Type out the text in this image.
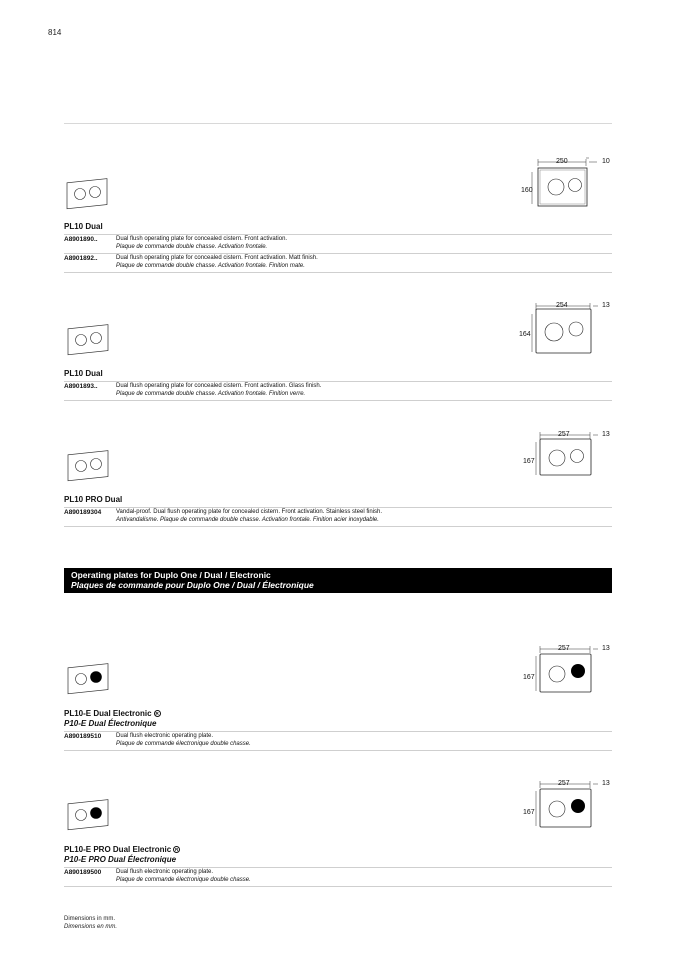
814
250	10
160
PL10 Dual
A8901890..	Dual flush operating plate for concealed cistern. Front activation.
Plaque de commande double chasse. Activation frontale.
A8901892..	Dual flush operating plate for concealed cistern. Front activation. Matt finish.
Plaque de commande double chasse. Activation frontale. Finition mate.
254	13
164
PL10 Dual
A8901893..	Dual flush operating plate for concealed cistern. Front activation. Glass finish.
Plaque de commande double chasse. Activation frontale. Finition verre.
257	13
167
PL10 PRO Dual
A890189304	Vandal-proof. Dual flush operating plate for concealed cistern. Front activation. Stainless steel finish.
Antivandalisme. Plaque de commande double chasse. Activation frontale. Finition acier inoxydable.
Operating plates for Duplo One / Dual / Electronic
Plaques de commande pour Duplo One / Dual / Électronique
257	13
167
PL10-E Dual Electronic R
P10-E Dual Électronique
A890189510	Dual flush electronic operating plate.
Plaque de commande électronique double chasse.
257	13
167
PL10-E PRO Dual Electronic R
P10-E PRO Dual Électronique
A890189500	Dual flush electronic operating plate.
Plaque de commande électronique double chasse.
Dimensions in mm.
Dimensions en mm.
